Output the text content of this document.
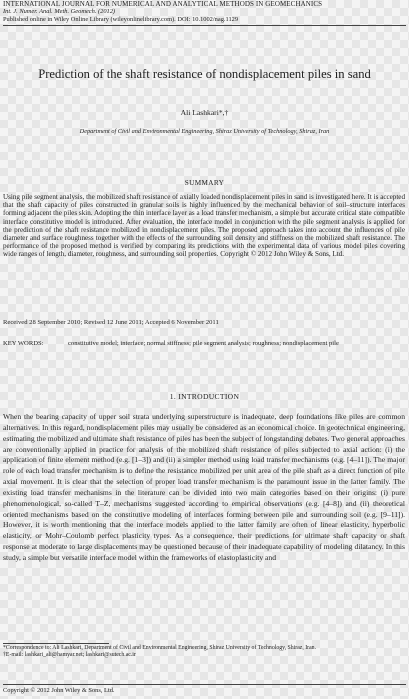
INTERNATIONAL JOURNAL FOR NUMERICAL AND ANALYTICAL METHODS IN GEOMECHANICS
Int. J. Numer. Anal. Meth. Geomech. (2012)
Published online in Wiley Online Library (wileyonlinelibrary.com). DOI: 10.1002/nag.1129
Prediction of the shaft resistance of nondisplacement piles in sand
Ali Lashkari*,†
Department of Civil and Environmental Engineering, Shiraz University of Technology, Shiraz, Iran
SUMMARY
Using pile segment analysis, the mobilized shaft resistance of axially loaded nondisplacement piles in sand is investigated here. It is accepted that the shaft capacity of piles constructed in granular soils is highly influenced by the mechanical behavior of soil–structure interfaces forming adjacent the piles skin. Adopting the thin interface layer as a load transfer mechanism, a simple but accurate critical state compatible interface constitutive model is introduced. After evaluation, the interface model in conjunction with the pile segment analysis is applied for the prediction of the shaft resistance mobilized in nondisplacement piles. The proposed approach takes into account the influences of pile diameter and surface roughness together with the effects of the surrounding soil density and stiffness on the mobilized shaft resistance. The performance of the proposed method is verified by comparing its predictions with the experimental data of various model piles covering wide ranges of length, diameter, roughness, and surrounding soil properties. Copyright © 2012 John Wiley & Sons, Ltd.
Received 28 September 2010; Revised 12 June 2011; Accepted 6 November 2011
KEY WORDS:	constitutive model; interface; normal stiffness; pile segment analysis; roughness; nondisplacement pile
1. INTRODUCTION
When the bearing capacity of upper soil strata underlying superstructure is inadequate, deep foundations like piles are common alternatives. In this regard, nondisplacement piles may usually be considered as an economical choice. In geotechnical engineering, estimating the mobilized and ultimate shaft resistance of piles has been the subject of longstanding debates. Two general approaches are conventionally applied in practice for analysis of the mobilized shaft resistance of piles subjected to axial action: (i) the application of finite element method (e.g. [1–3]) and (ii) a simpler method using load transfer mechanisms (e.g. [4–11]). The major role of each load transfer mechanism is to define the resistance mobilized per unit area of the pile shaft as a direct function of pile axial movement. It is clear that the selection of proper load transfer mechanism is the paramount issue in the latter family. The existing load transfer mechanisms in the literature can be divided into two main categories based on their origins: (i) pure phenomenological, so-called T–Z, mechanisms suggested according to empirical observations (e.g. [4–8]) and (ii) theoretical oriented mechanisms based on the constitutive modeling of interfaces forming between pile and surrounding soil (e.g. [9–11]). However, it is worth mentioning that the interface models applied to the latter family are often of linear elasticity, hyperbolic elasticity, or Mohr–Coulomb perfect plasticity types. As a consequence, their predictions for ultimate shaft capacity or shaft response at moderate to large displacements may be questioned because of their inadequate capability of modeling dilatancy. In this study, a simple but versatile interface model within the frameworks of elastoplasticity and
*Correspondence to: Ali Lashkari, Department of Civil and Environmental Engineering, Shiraz University of Technology, Shiraz, Iran.
†E-mail: lashkari_ali@hamyar.net; lashkari@sutech.ac.ir
Copyright © 2012 John Wiley & Sons, Ltd.
